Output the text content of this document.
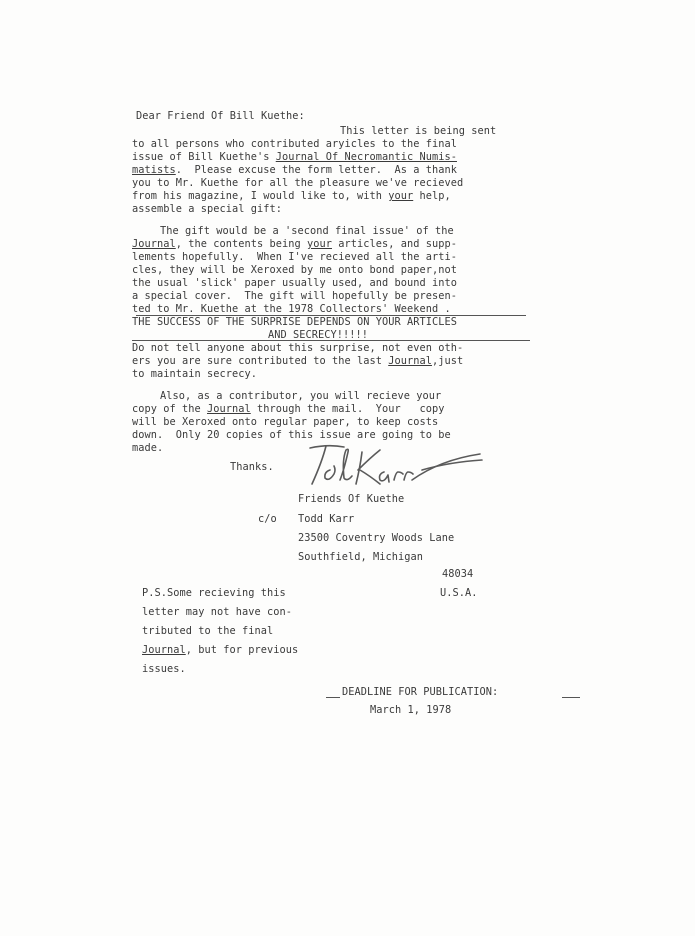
Dear Friend Of Bill Kuethe:
This letter is being sent
to all persons who contributed aryicles to the final
issue of Bill Kuethe's Journal Of Necromantic Numis-
matists.  Please excuse the form letter.  As a thank
you to Mr. Kuethe for all the pleasure we've recieved
from his magazine, I would like to, with your help,
assemble a special gift:
The gift would be a 'second final issue' of the
Journal, the contents being your articles, and supp-
lements hopefully.  When I've recieved all the arti-
cles, they will be Xeroxed by me onto bond paper,not
the usual 'slick' paper usually used, and bound into
a special cover.  The gift will hopefully be presen-
ted to Mr. Kuethe at the 1978 Collectors' Weekend .
THE SUCCESS OF THE SURPRISE DEPENDS ON YOUR ARTICLES
AND SECRECY!!!!!
Do not tell anyone about this surprise, not even oth-
ers you are sure contributed to the last Journal,just
to maintain secrecy.
Also, as a contributor, you will recieve your
copy of the Journal through the mail.  Your   copy
will be Xeroxed onto regular paper, to keep costs
down.  Only 20 copies of this issue are going to be
made.
Thanks.
Friends Of Kuethe
c/o Todd Karr
23500 Coventry Woods Lane
Southfield, Michigan
48034
U.S.A.
P.S.Some recieving this
letter may not have con-
tributed to the final
Journal, but for previous
issues.
DEADLINE FOR PUBLICATION:
March 1, 1978
